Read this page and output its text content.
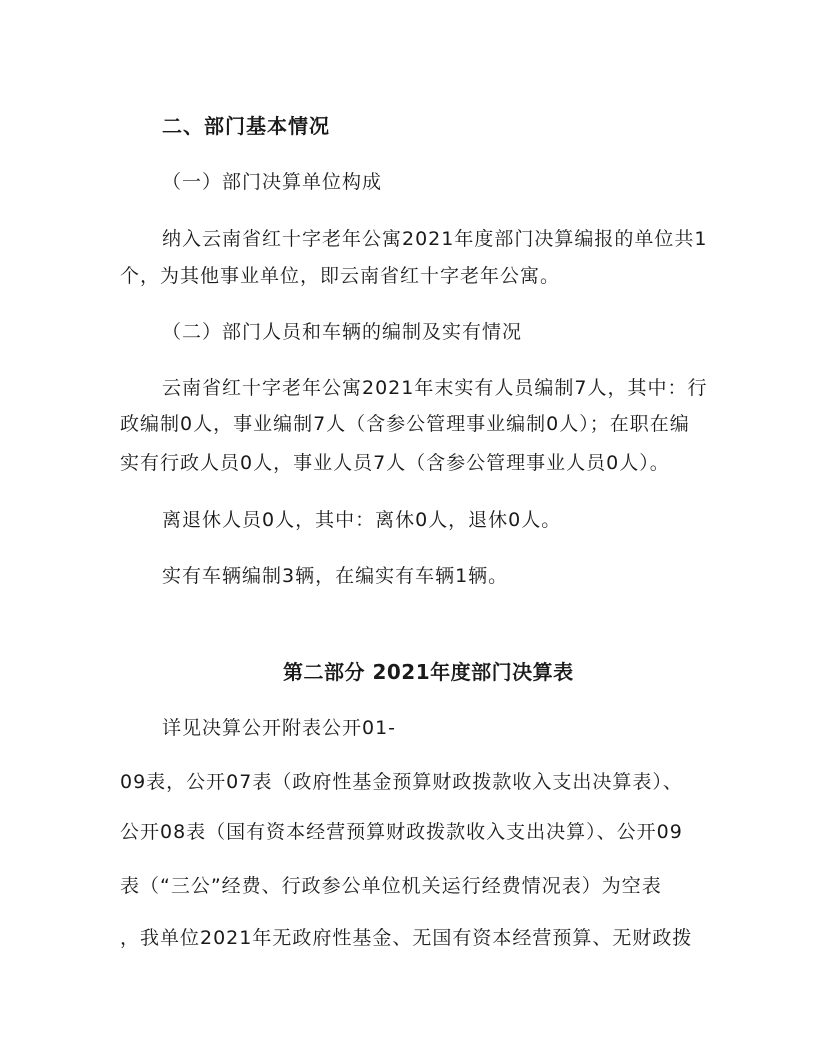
二、部门基本情况
（一）部门决算单位构成
纳入云南省红十字老年公寓2021年度部门决算编报的单位共1
个，为其他事业单位，即云南省红十字老年公寓。
（二）部门人员和车辆的编制及实有情况
云南省红十字老年公寓2021年末实有人员编制7人，其中：行
政编制0人，事业编制7人（含参公管理事业编制0人）；在职在编
实有行政人员0人，事业人员7人（含参公管理事业人员0人）。
离退休人员0人，其中：离休0人，退休0人。
实有车辆编制3辆，在编实有车辆1辆。
第二部分 2021年度部门决算表
详见决算公开附表公开01-
09表，公开07表（政府性基金预算财政拨款收入支出决算表）、
公开08表（国有资本经营预算财政拨款收入支出决算）、公开09
表（“三公”经费、行政参公单位机关运行经费情况表）为空表
，我单位2021年无政府性基金、无国有资本经营预算、无财政拨
